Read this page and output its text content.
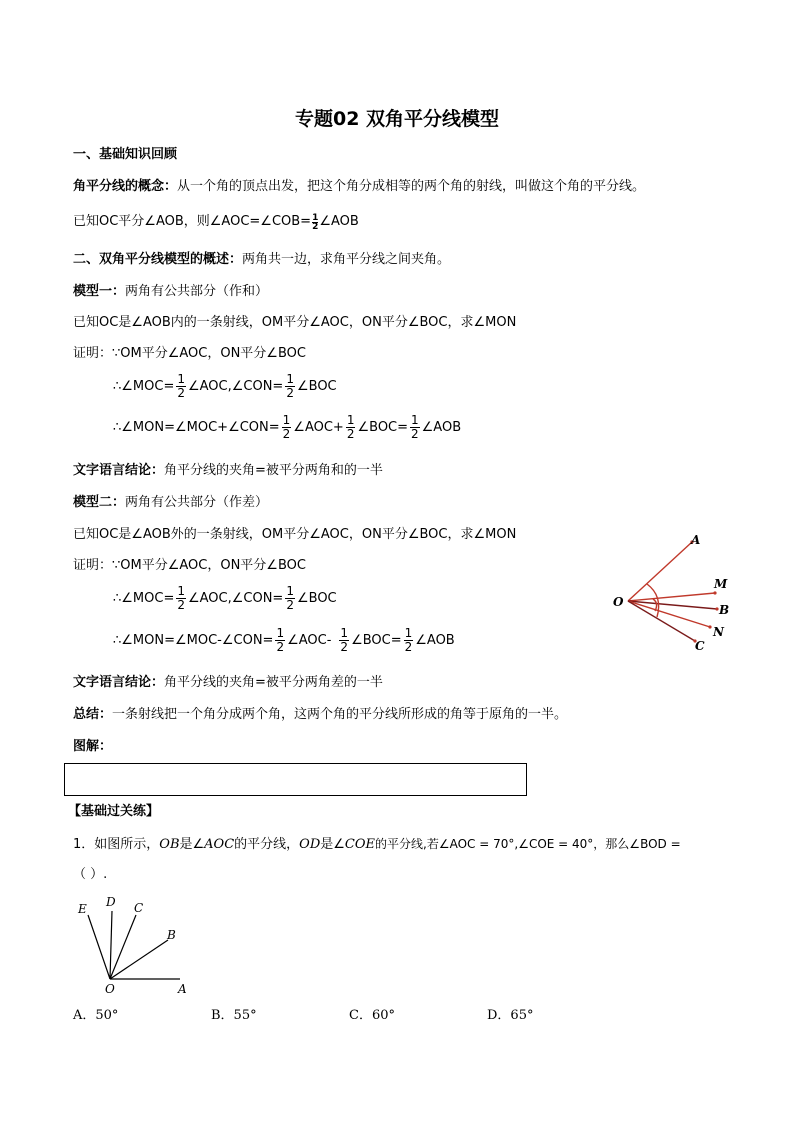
专题02 双角平分线模型
一、基础知识回顾
角平分线的概念：从一个角的顶点出发，把这个角分成相等的两个角的射线，叫做这个角的平分线。
已知OC平分∠AOB，则∠AOC=∠COB= $\frac{1}{2}$ ∠AOB
二、双角平分线模型的概述：两角共一边，求角平分线之间夹角。
模型一：两角有公共部分（作和）
已知OC是∠AOB内的一条射线，OM平分∠AOC，ON平分∠BOC，求∠MON
证明：∵OM平分∠AOC，ON平分∠BOC
∴∠MOC= $\frac{1}{2}$ ∠AOC,∠CON= $\frac{1}{2}$ ∠BOC
∴∠MON=∠MOC+∠CON= $\frac{1}{2}$ ∠AOC+ $\frac{1}{2}$ ∠BOC= $\frac{1}{2}$ ∠AOB
文字语言结论：角平分线的夹角=被平分两角和的一半
模型二：两角有公共部分（作差）
已知OC是∠AOB外的一条射线，OM平分∠AOC，ON平分∠BOC，求∠MON
证明：∵OM平分∠AOC，ON平分∠BOC
∴∠MOC= $\frac{1}{2}$ ∠AOC,∠CON= $\frac{1}{2}$ ∠BOC
∴∠MON=∠MOC-∠CON= $\frac{1}{2}$ ∠AOC- $\frac{1}{2}$ ∠BOC= $\frac{1}{2}$ ∠AOB
文字语言结论：角平分线的夹角=被平分两角差的一半
总结：一条射线把一个角分成两个角，这两个角的平分线所形成的角等于原角的一半。
图解：
【基础过关练】
1．如图所示，OB是∠AOC的平分线，OD是∠COE的平分线,若∠AOC = 70°,∠COE = 40°，那么∠BOD =
（ ）.
A
M
O
B
N
C
E D C
B
O	A
A．50°	B．55°	C．60°	D．65°
